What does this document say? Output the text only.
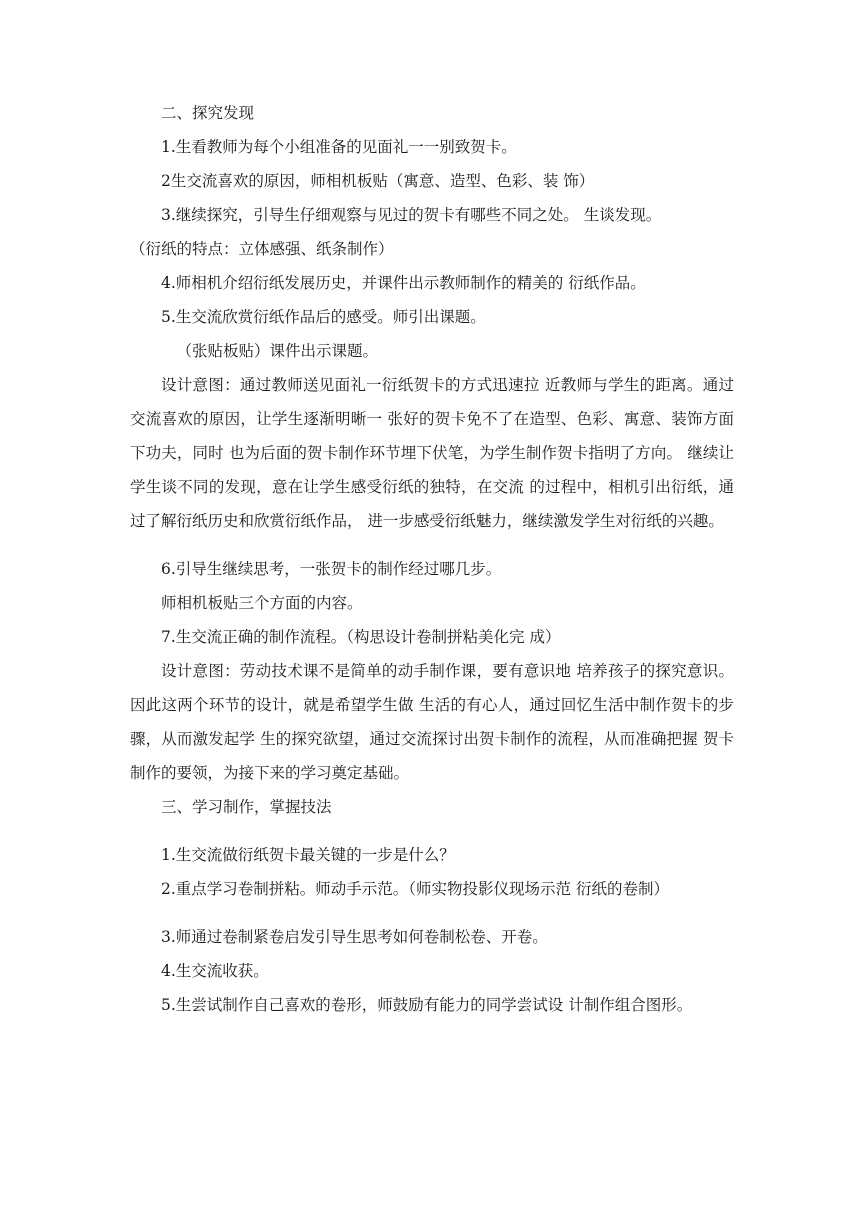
二、探究发现

1.生看教师为每个小组准备的见面礼一一别致贺卡。

2生交流喜欢的原因，师相机板贴（寓意、造型、色彩、装 饰）

3.继续探究，引导生仔细观察与见过的贺卡有哪些不同之处。 生谈发现。

（衍纸的特点：立体感强、纸条制作）

4.师相机介绍衍纸发展历史，并课件出示教师制作的精美的 衍纸作品。

5.生交流欣赏衍纸作品后的感受。师引出课题。

（张贴板贴）课件出示课题。

设计意图：通过教师送见面礼一衍纸贺卡的方式迅速拉 近教师与学生的距离。通过交流喜欢的原因，让学生逐渐明晰一 张好的贺卡免不了在造型、色彩、寓意、装饰方面下功夫，同时 也为后面的贺卡制作环节埋下伏笔，为学生制作贺卡指明了方向。 继续让学生谈不同的发现，意在让学生感受衍纸的独特，在交流 的过程中，相机引出衍纸，通过了解衍纸历史和欣赏衍纸作品， 进一步感受衍纸魅力，继续激发学生对衍纸的兴趣。

6.引导生继续思考，一张贺卡的制作经过哪几步。

师相机板贴三个方面的内容。

7.生交流正确的制作流程。（构思设计卷制拼粘美化完 成）

设计意图：劳动技术课不是简单的动手制作课，要有意识地 培养孩子的探究意识。因此这两个环节的设计，就是希望学生做 生活的有心人，通过回忆生活中制作贺卡的步骤，从而激发起学 生的探究欲望，通过交流探讨出贺卡制作的流程，从而准确把握 贺卡制作的要领，为接下来的学习奠定基础。

三、学习制作，掌握技法

1.生交流做衍纸贺卡最关键的一步是什么？

2.重点学习卷制拼粘。师动手示范。（师实物投影仪现场示范 衍纸的卷制）

3.师通过卷制紧卷启发引导生思考如何卷制松卷、开卷。

4.生交流收获。

5.生尝试制作自己喜欢的卷形，师鼓励有能力的同学尝试设 计制作组合图形。
